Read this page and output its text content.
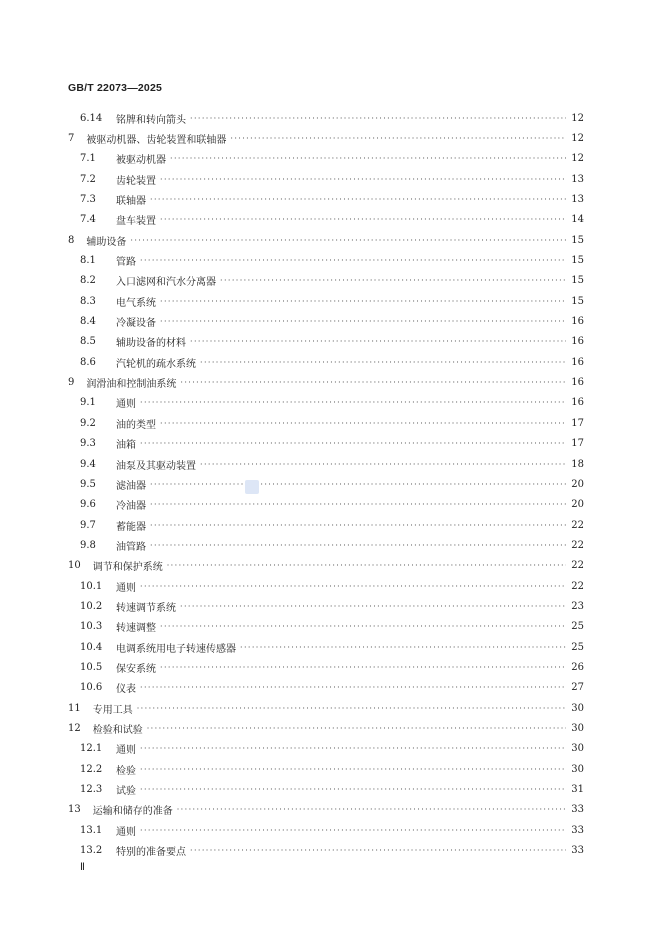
GB/T 22073—2025
6.14 铭牌和转向箭头 ·····	12
7 被驱动机器、齿轮装置和联轴器 ·····	12
7.1	被驱动机器 ·····	12
7.2	齿轮装置 ·····	13
7.3	联轴器 ·····	13
7.4	盘车装置 ·····	14
8 辅助设备 ·····	15
8.1	管路 ·····	15
8.2	入口滤网和汽水分离器 ·····	15
8.3	电气系统 ·····	15
8.4	冷凝设备 ·····	16
8.5	辅助设备的材料 ·····	16
8.6	汽轮机的疏水系统 ·····	16
9 润滑油和控制油系统 ·····	16
9.1	通则 ·····	16
9.2	油的类型 ·····	17
9.3	油箱 ·····	17
9.4	油泵及其驱动装置 ·····	18
9.5	滤油器 ·····	20
9.6	冷油器 ·····	20
9.7	蓄能器 ·····	22
9.8	油管路 ·····	22
10 调节和保护系统 ·····	22
10.1 通则 ·····	22
10.2 转速调节系统 ·····	23
10.3 转速调整 ·····	25
10.4 电调系统用电子转速传感器 ·····	25
10.5 保安系统 ·····	26
10.6 仪表 ·····	27
11 专用工具 ·····	30
12 检验和试验 ·····	30
12.1 通则 ·····	30
12.2 检验 ·····	30
12.3 试验 ·····	31
13 运输和储存的准备 ·····	33
13.1 通则 ·····	33
13.2 特别的准备要点 ·····	33
Ⅱ
